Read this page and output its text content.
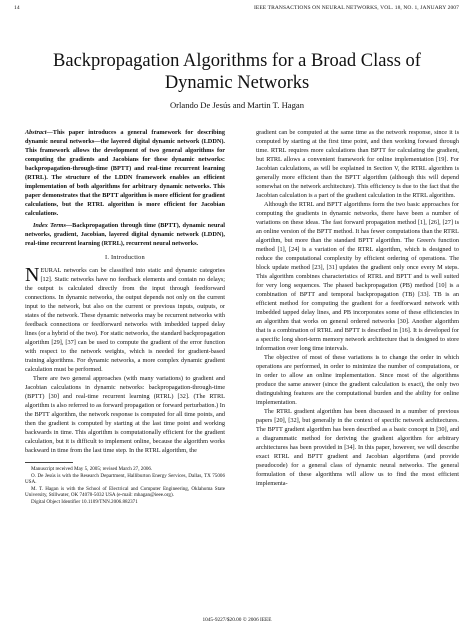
14	IEEE TRANSACTIONS ON NEURAL NETWORKS, VOL. 18, NO. 1, JANUARY 2007
Backpropagation Algorithms for a Broad Class of Dynamic Networks
Orlando De Jesús and Martin T. Hagan

Abstract—This paper introduces a general framework for describing dynamic neural networks—the layered digital dynamic network (LDDN). This framework allows the development of two general algorithms for computing the gradients and Jacobians for these dynamic networks: backpropagation-through-time (BPTT) and real-time recurrent learning (RTRL). The structure of the LDDN framework enables an efficient implementation of both algorithms for arbitrary dynamic networks. This paper demonstrates that the BPTT algorithm is more efficient for gradient calculations, but the RTRL algorithm is more efficient for Jacobian calculations.

Index Terms—Backpropagation through time (BPTT), dynamic neural networks, gradient, Jacobian, layered digital dynamic network (LDDN), real-time recurrent learning (RTRL), recurrent neural networks.

I. Introduction

NEURAL networks can be classified into static and dynamic categories [12]. Static networks have no feedback elements and contain no delays; the output is calculated directly from the input through feedforward connections. In dynamic networks, the output depends not only on the current input to the network, but also on the current or previous inputs, outputs, or states of the network. These dynamic networks may be recurrent networks with feedback connections or feedforward networks with imbedded tapped delay lines (or a hybrid of the two). For static networks, the standard backpropagation algorithm [29], [37] can be used to compute the gradient of the error function with respect to the network weights, which is needed for gradient-based training algorithms. For dynamic networks, a more complex dynamic gradient calculation must be performed.

There are two general approaches (with many variations) to gradient and Jacobian calculations in dynamic networks: backpropagation-through-time (BPTT) [30] and real-time recurrent learning (RTRL) [32]. (The RTRL algorithm is also referred to as forward propagation or forward perturbation.) In the BPTT algorithm, the network response is computed for all time points, and then the gradient is computed by starting at the last time point and working backwards in time. This algorithm is computationally efficient for the gradient calculation, but it is difficult to implement online, because the algorithm works backward in time from the last time step. In the RTRL algorithm, the

Manuscript received May 5, 2005; revised March 27, 2006.

O. De Jesús is with the Research Department, Halliburton Energy Services, Dallas, TX 75006 USA.

M. T. Hagan is with the School of Electrical and Computer Engineering, Oklahoma State University, Stillwater, OK 74078-5032 USA (e-mail: mhagan@ieee.org).

Digital Object Identifier 10.1109/TNN.2006.882371

gradient can be computed at the same time as the network response, since it is computed by starting at the first time point, and then working forward through time. RTRL requires more calculations than BPTT for calculating the gradient, but RTRL allows a convenient framework for online implementation [19]. For Jacobian calculations, as will be explained in Section V, the RTRL algorithm is generally more efficient than the BPTT algorithm (although this will depend somewhat on the network architecture). This efficiency is due to the fact that the Jacobian calculation is a part of the gradient calculation in the RTRL algorithm.

Although the RTRL and BPTT algorithms form the two basic approaches for computing the gradients in dynamic networks, there have been a number of variations on these ideas. The fast forward propagation method [1], [26], [27] is an online version of the BPTT method. It has fewer computations than the RTRL algorithm, but more than the standard BPTT algorithm. The Green's function method [1], [24] is a variation of the RTRL algorithm, which is designed to reduce the computational complexity by efficient ordering of operations. The block update method [23], [31] updates the gradient only once every M steps. This algorithm combines characteristics of RTRL and BPTT and is well suited for very long sequences. The phased backpropagation (PB) method [10] is a combination of BPTT and temporal backpropagation (TB) [33]. TB is an efficient method for computing the gradient for a feedforward network with imbedded tapped delay lines, and PB incorporates some of these efficiencies in an algorithm that works on general ordered networks [30]. Another algorithm that is a combination of RTRL and BPTT is described in [16]. It is developed for a specific long short-term memory network architecture that is designed to store information over long time intervals.

The objective of most of these variations is to change the order in which operations are performed, in order to minimize the number of computations, or in order to allow an online implementation. Since most of the algorithms produce the same answer (since the gradient calculation is exact), the only two distinguishing features are the computational burden and the ability for online implementation.

The RTRL gradient algorithm has been discussed in a number of previous papers [20], [32], but generally in the context of specific network architectures. The BPTT gradient algorithm has been described as a basic concept in [30], and a diagrammatic method for deriving the gradient algorithm for arbitrary architectures has been provided in [34]. In this paper, however, we will describe exact RTRL and BPTT gradient and Jacobian algorithms (and provide pseudocode) for a general class of dynamic neural networks. The general formulation of these algorithms will allow us to find the most efficient implementa-

1045-9227/$20.00 © 2006 IEEE
